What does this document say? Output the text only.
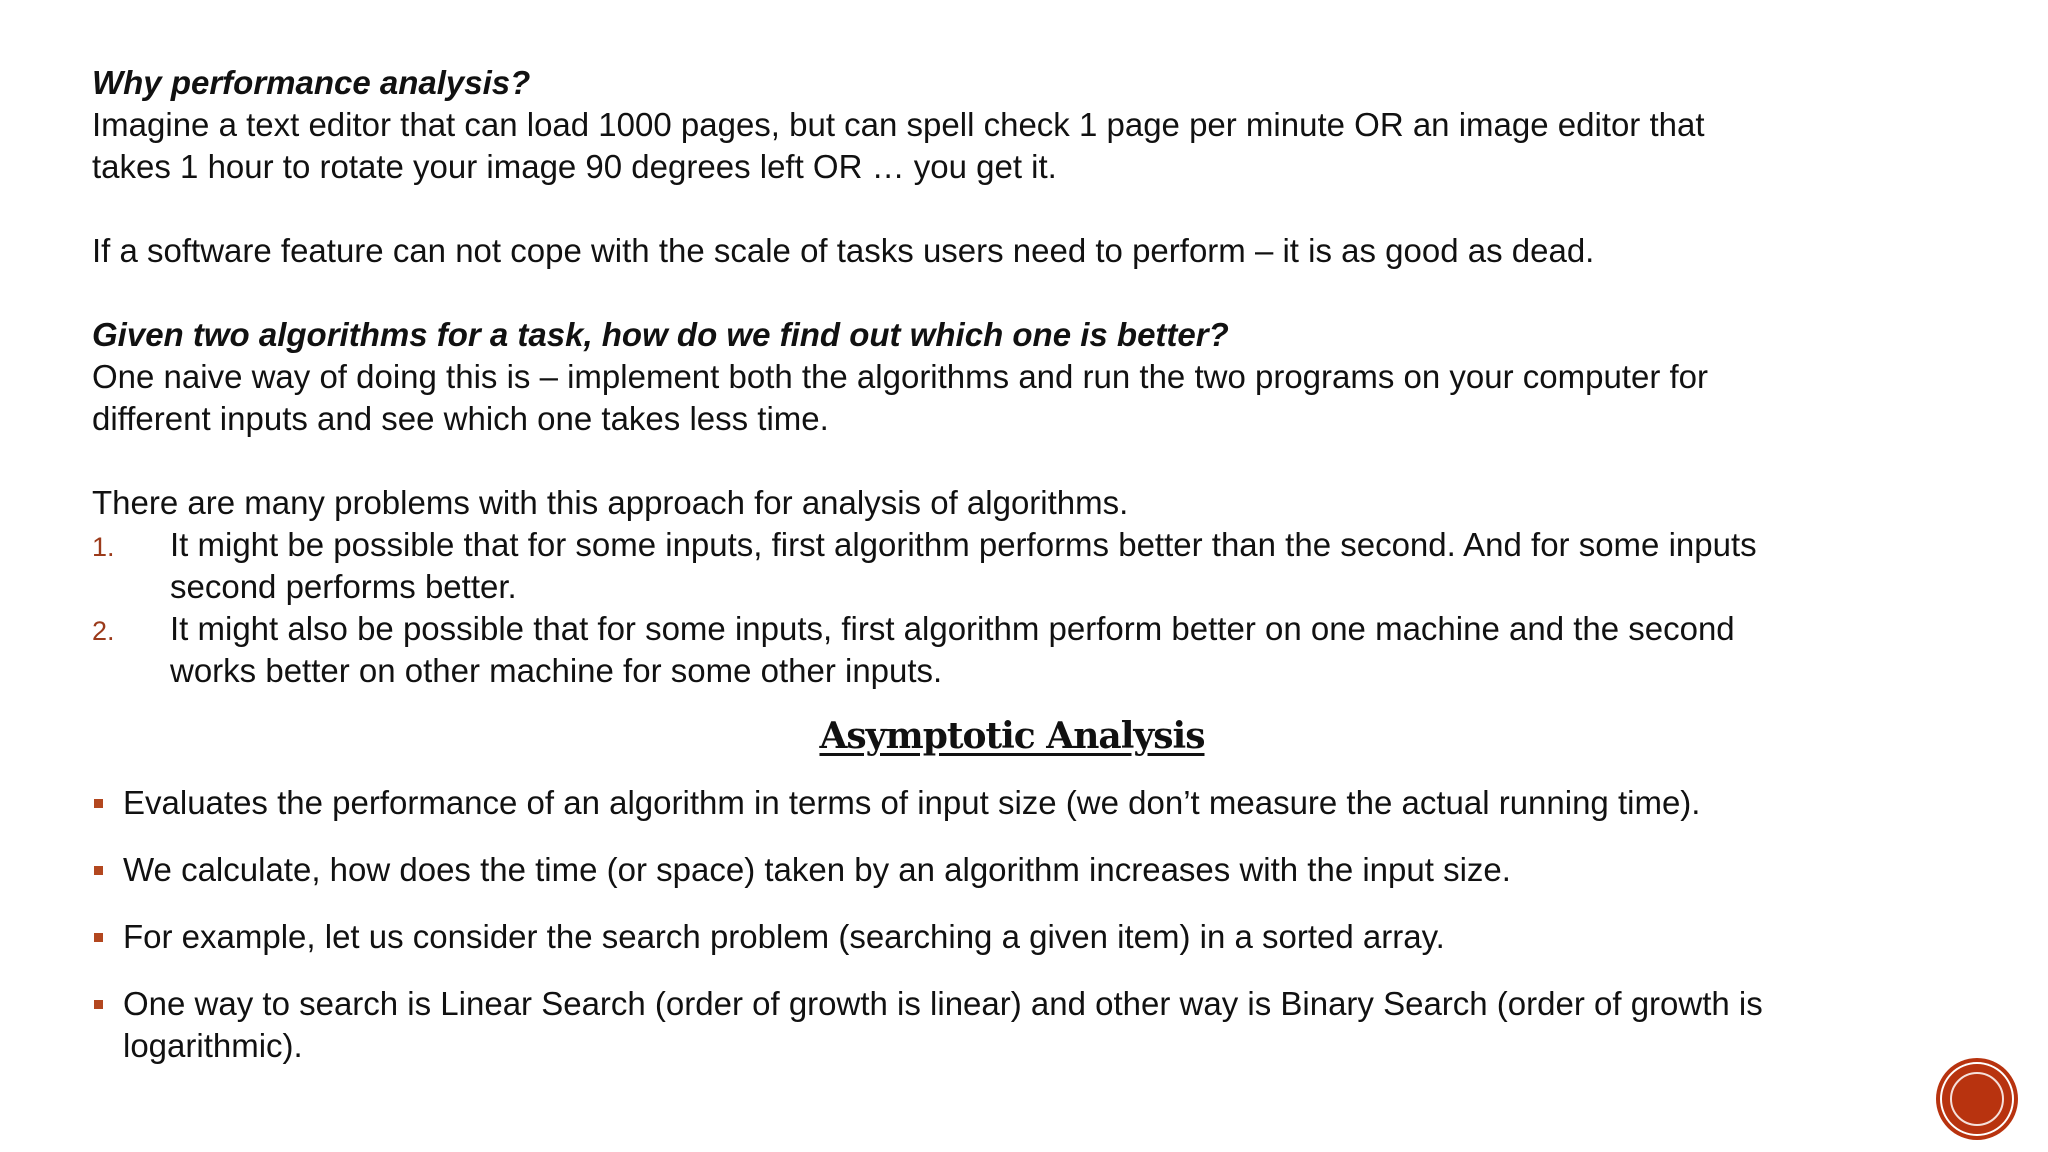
Why performance analysis?

Imagine a text editor that can load 1000 pages, but can spell check 1 page per minute OR an image editor that
takes 1 hour to rotate your image 90 degrees left OR … you get it.

If a software feature can not cope with the scale of tasks users need to perform – it is as good as dead.

Given two algorithms for a task, how do we find out which one is better?

One naive way of doing this is – implement both the algorithms and run the two programs on your computer for
different inputs and see which one takes less time.

There are many problems with this approach for analysis of algorithms.

1. It might be possible that for some inputs, first algorithm performs better than the second. And for some inputs
second performs better.
2. It might also be possible that for some inputs, first algorithm perform better on one machine and the second
works better on other machine for some other inputs.
Asymptotic Analysis
Evaluates the performance of an algorithm in terms of input size (we don’t measure the actual running time).
We calculate, how does the time (or space) taken by an algorithm increases with the input size.
For example, let us consider the search problem (searching a given item) in a sorted array.
One way to search is Linear Search (order of growth is linear) and other way is Binary Search (order of growth is
logarithmic).
